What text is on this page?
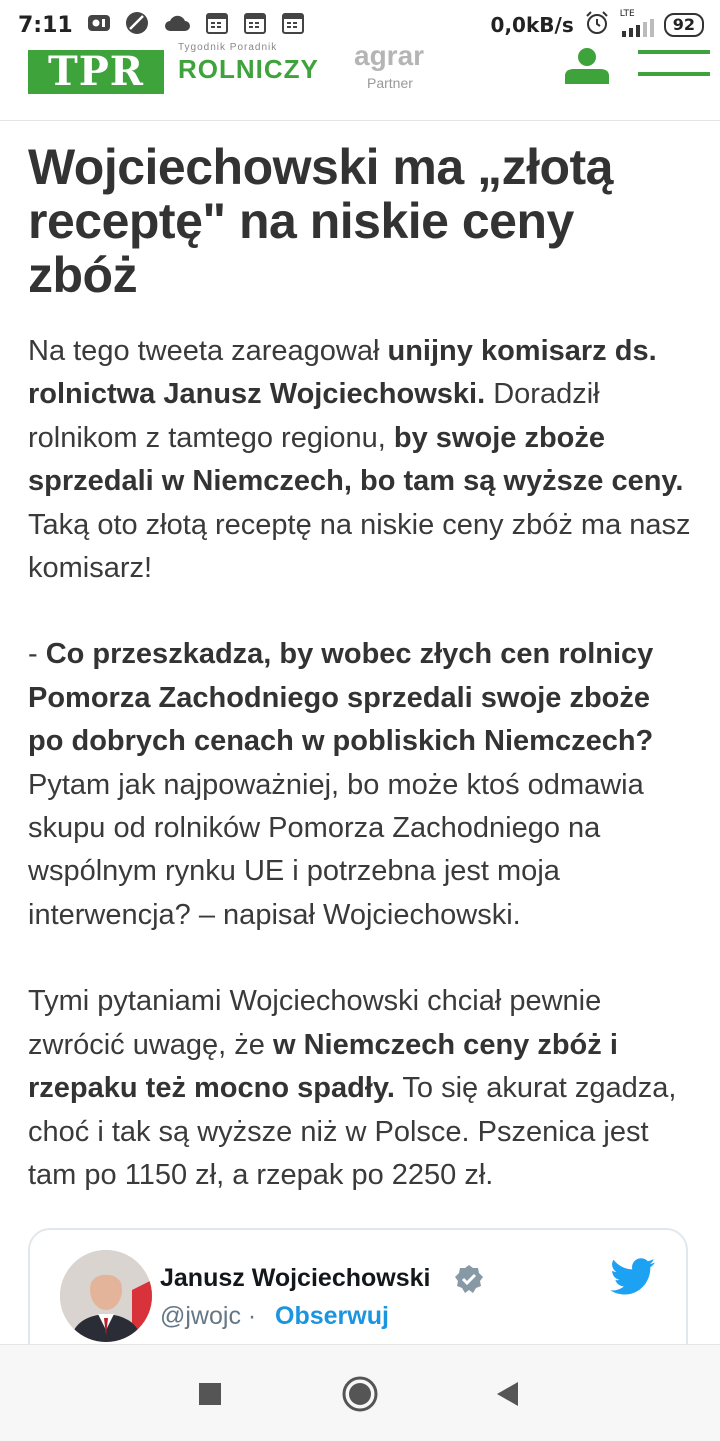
7:11	0,0kB/s	LTE
92
TPR
Tygodnik Poradnik
ROLNICZY agrar
Partner
Wojciechowski ma „złotą receptę" na niskie ceny zbóż

Na tego tweeta zareagował unijny komisarz ds. rolnictwa Janusz Wojciechowski. Doradził rolnikom z tamtego regionu, by swoje zboże sprzedali w Niemczech, bo tam są wyższe ceny. Taką oto złotą receptę na niskie ceny zbóż ma nasz komisarz!

- Co przeszkadza, by wobec złych cen rolnicy Pomorza Zachodniego sprzedali swoje zboże po dobrych cenach w pobliskich Niemczech? Pytam jak najpoważniej, bo może ktoś odmawia skupu od rolników Pomorza Zachodniego na wspólnym rynku UE i potrzebna jest moja interwencja? – napisał Wojciechowski.

Tymi pytaniami Wojciechowski chciał pewnie zwrócić uwagę, że w Niemczech ceny zbóż i rzepaku też mocno spadły. To się akurat zgadza, choć i tak są wyższe niż w Polsce. Pszenica jest tam po 1150 zł, a rzepak po 2250 zł.

Janusz Wojciechowski
@jwojc · Obserwuj
